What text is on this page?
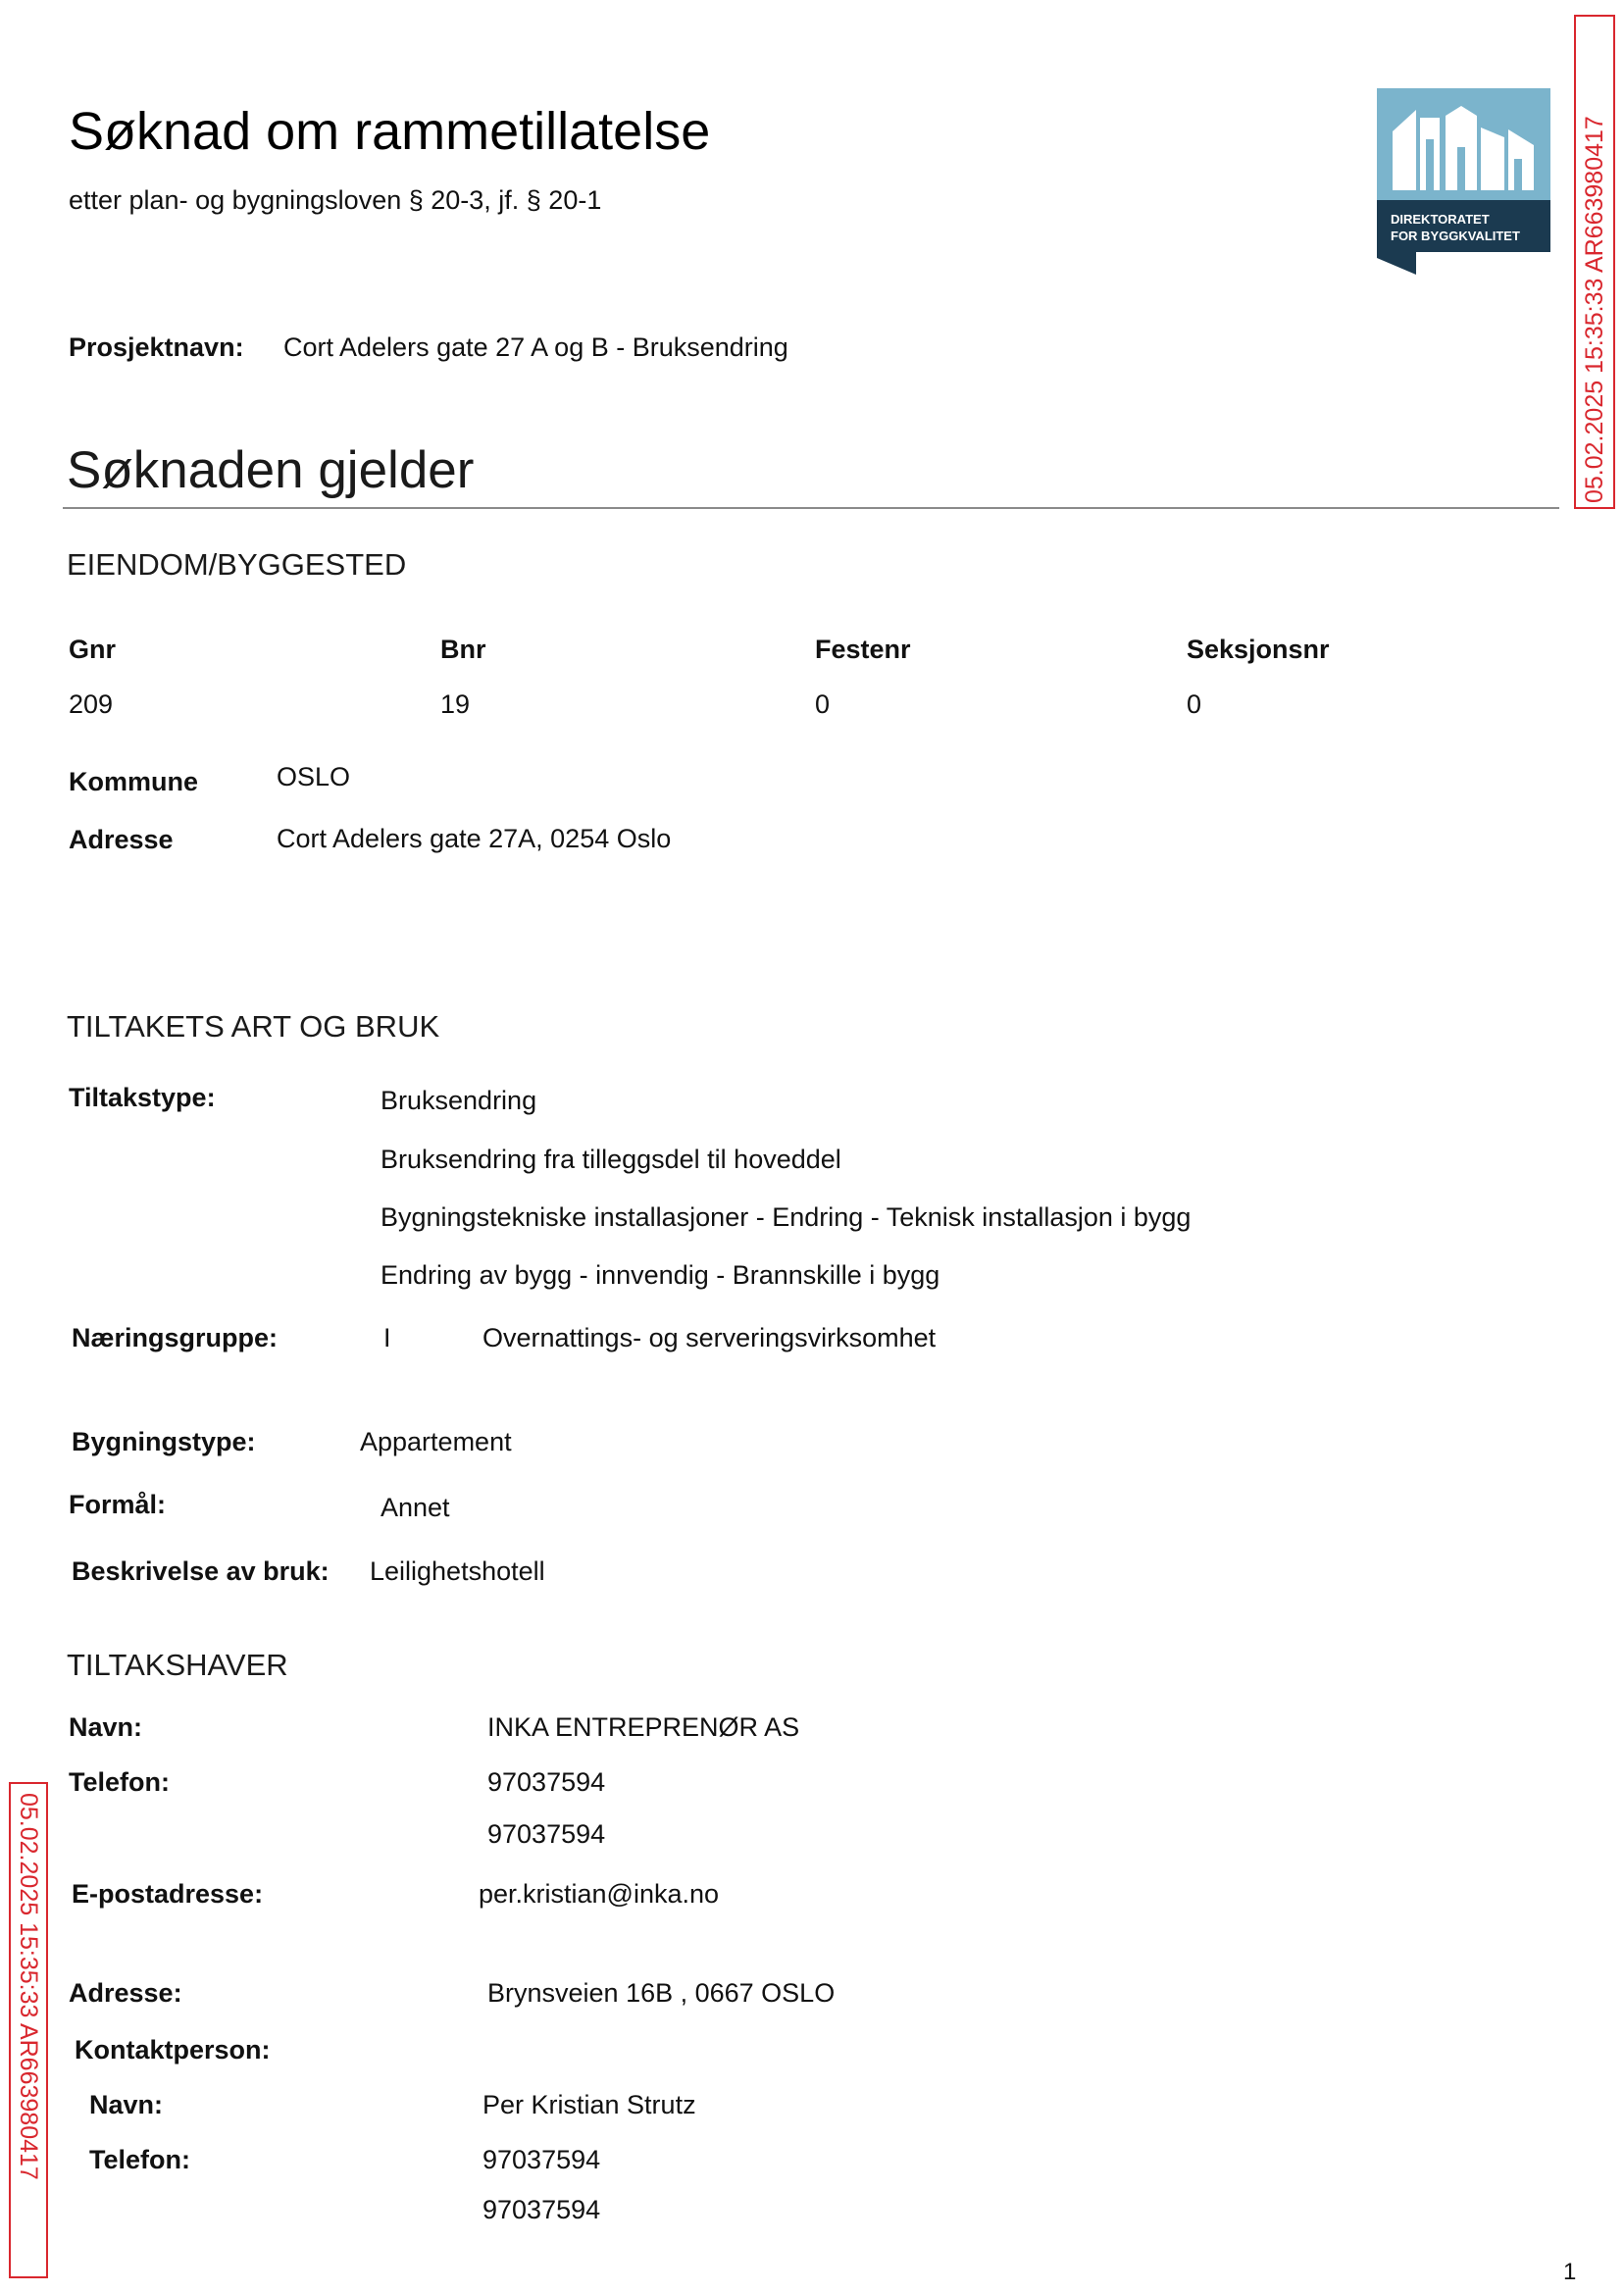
Søknad om rammetillatelse
etter plan- og bygningsloven § 20-3, jf. § 20-1
DIREKTORATET
FOR BYGGKVALITET 05.02.2025 15:35:33 AR663980417
Prosjektnavn: Cort Adelers gate 27 A og B - Bruksendring
Søknaden gjelder
EIENDOM/BYGGESTED
Gnr	Bnr	Festenr	Seksjonsnr
209	19	0	0
Kommune	OSLO
Adresse	Cort Adelers gate 27A, 0254 Oslo
TILTAKETS ART OG BRUK
Tiltakstype:	Bruksendring
Bruksendring fra tilleggsdel til hoveddel
Bygningstekniske installasjoner - Endring - Teknisk installasjon i bygg
Endring av bygg - innvendig - Brannskille i bygg
Næringsgruppe:	I	Overnattings- og serveringsvirksomhet
Bygningstype:	Appartement
Formål:	Annet
Beskrivelse av bruk: Leilighetshotell
TILTAKSHAVER
Navn:	INKA ENTREPRENØR AS
Telefon:	97037594
97037594
E-postadresse:	per.kristian@inka.no
Adresse:	Brynsveien 16B , 0667 OSLO
Kontaktperson:
Navn:	Per Kristian Strutz
Telefon:	97037594
97037594
05.02.2025 15:35:33 AR663980417
1
